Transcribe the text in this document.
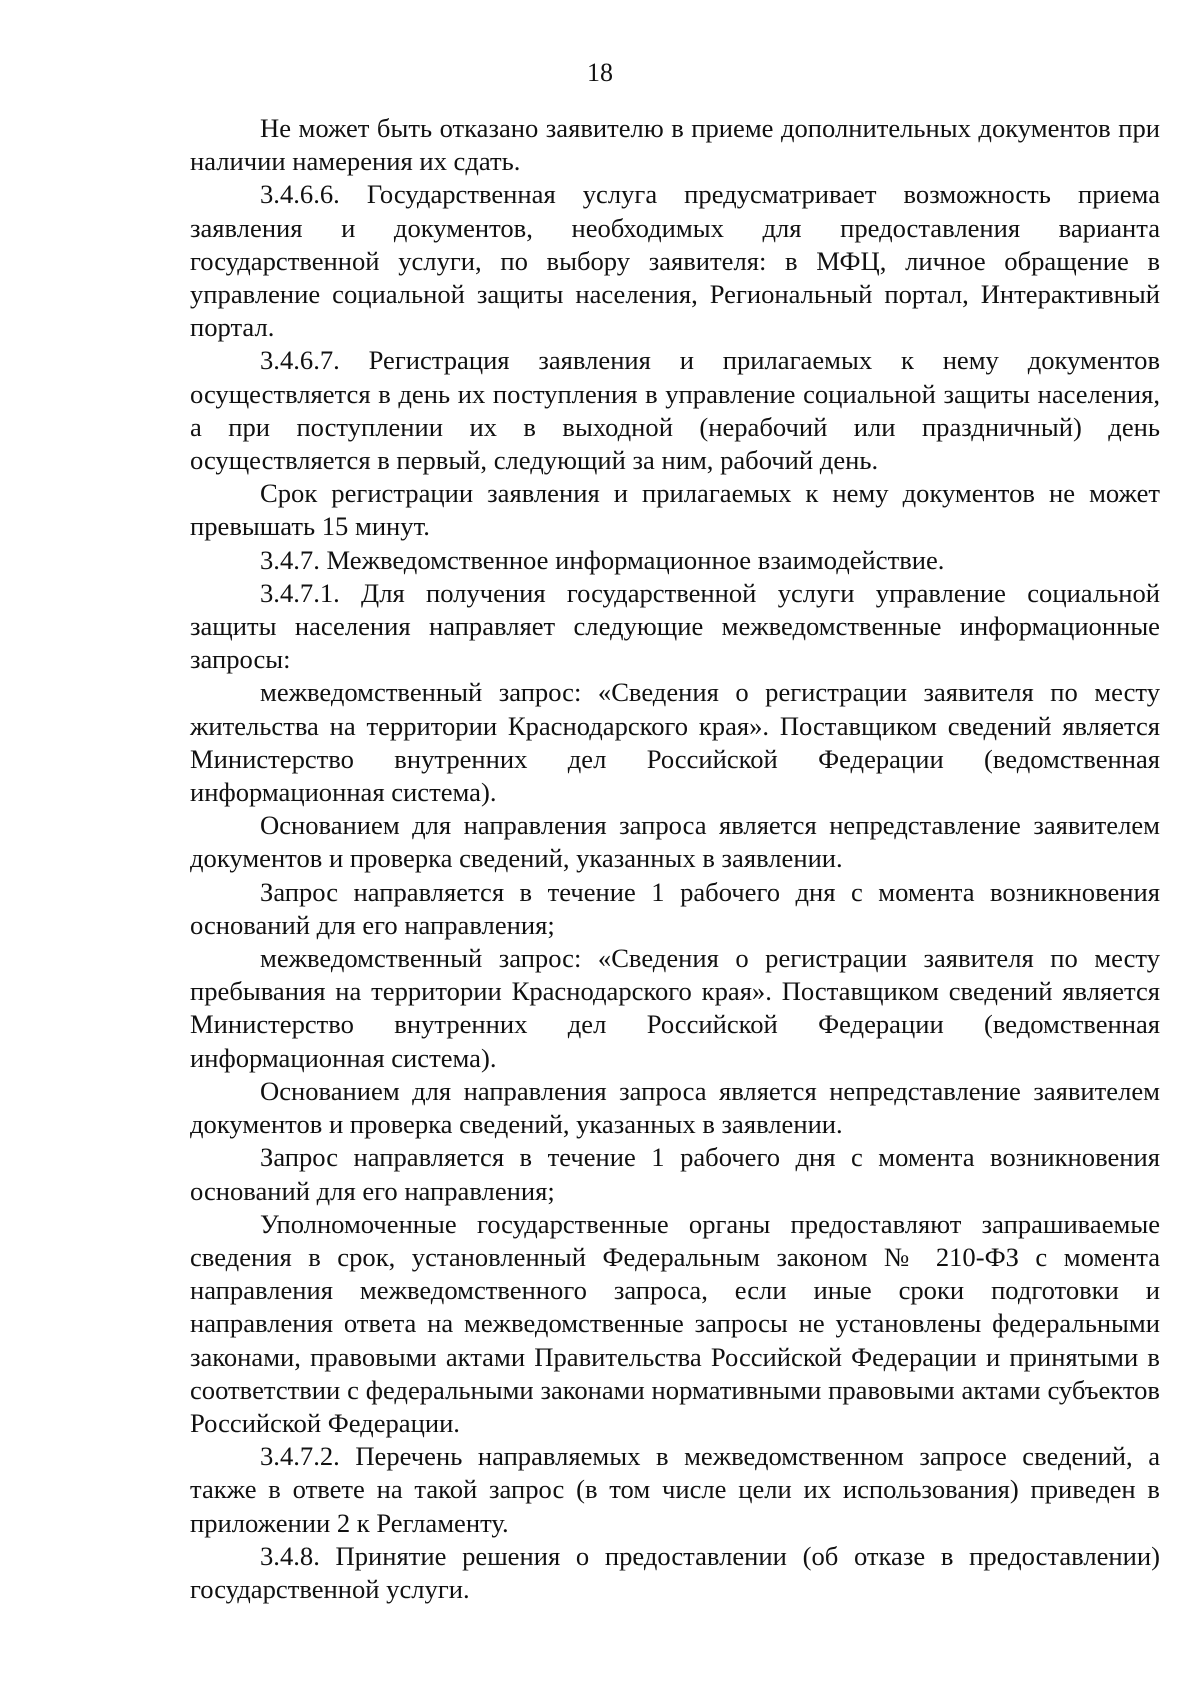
18

Не может быть отказано заявителю в приеме дополнительных документов при наличии намерения их сдать.

3.4.6.6. Государственная услуга предусматривает возможность приема заявления и документов, необходимых для предоставления варианта государственной услуги, по выбору заявителя: в МФЦ, личное обращение в управление социальной защиты населения, Региональный портал, Интерактивный портал.

3.4.6.7. Регистрация заявления и прилагаемых к нему документов осуществляется в день их поступления в управление социальной защиты населения, а при поступлении их в выходной (нерабочий или праздничный) день осуществляется в первый, следующий за ним, рабочий день.

Срок регистрации заявления и прилагаемых к нему документов не может превышать 15 минут.

3.4.7. Межведомственное информационное взаимодействие.

3.4.7.1. Для получения государственной услуги управление социальной защиты населения направляет следующие межведомственные информационные запросы:

межведомственный запрос: «Сведения о регистрации заявителя по месту жительства на территории Краснодарского края». Поставщиком сведений является Министерство внутренних дел Российской Федерации (ведомственная информационная система).

Основанием для направления запроса является непредставление заявителем документов и проверка сведений, указанных в заявлении.

Запрос направляется в течение 1 рабочего дня с момента возникновения оснований для его направления;

межведомственный запрос: «Сведения о регистрации заявителя по месту пребывания на территории Краснодарского края». Поставщиком сведений является Министерство внутренних дел Российской Федерации (ведомственная информационная система).

Основанием для направления запроса является непредставление заявителем документов и проверка сведений, указанных в заявлении.

Запрос направляется в течение 1 рабочего дня с момента возникновения оснований для его направления;

Уполномоченные государственные органы предоставляют запрашиваемые сведения в срок, установленный Федеральным законом № 210-ФЗ с момента направления межведомственного запроса, если иные сроки подготовки и направления ответа на межведомственные запросы не установлены федеральными законами, правовыми актами Правительства Российской Федерации и принятыми в соответствии с федеральными законами нормативными правовыми актами субъектов Российской Федерации.

3.4.7.2. Перечень направляемых в межведомственном запросе сведений, а также в ответе на такой запрос (в том числе цели их использования) приведен в приложении 2 к Регламенту.

3.4.8. Принятие решения о предоставлении (об отказе в предоставлении) государственной услуги.
